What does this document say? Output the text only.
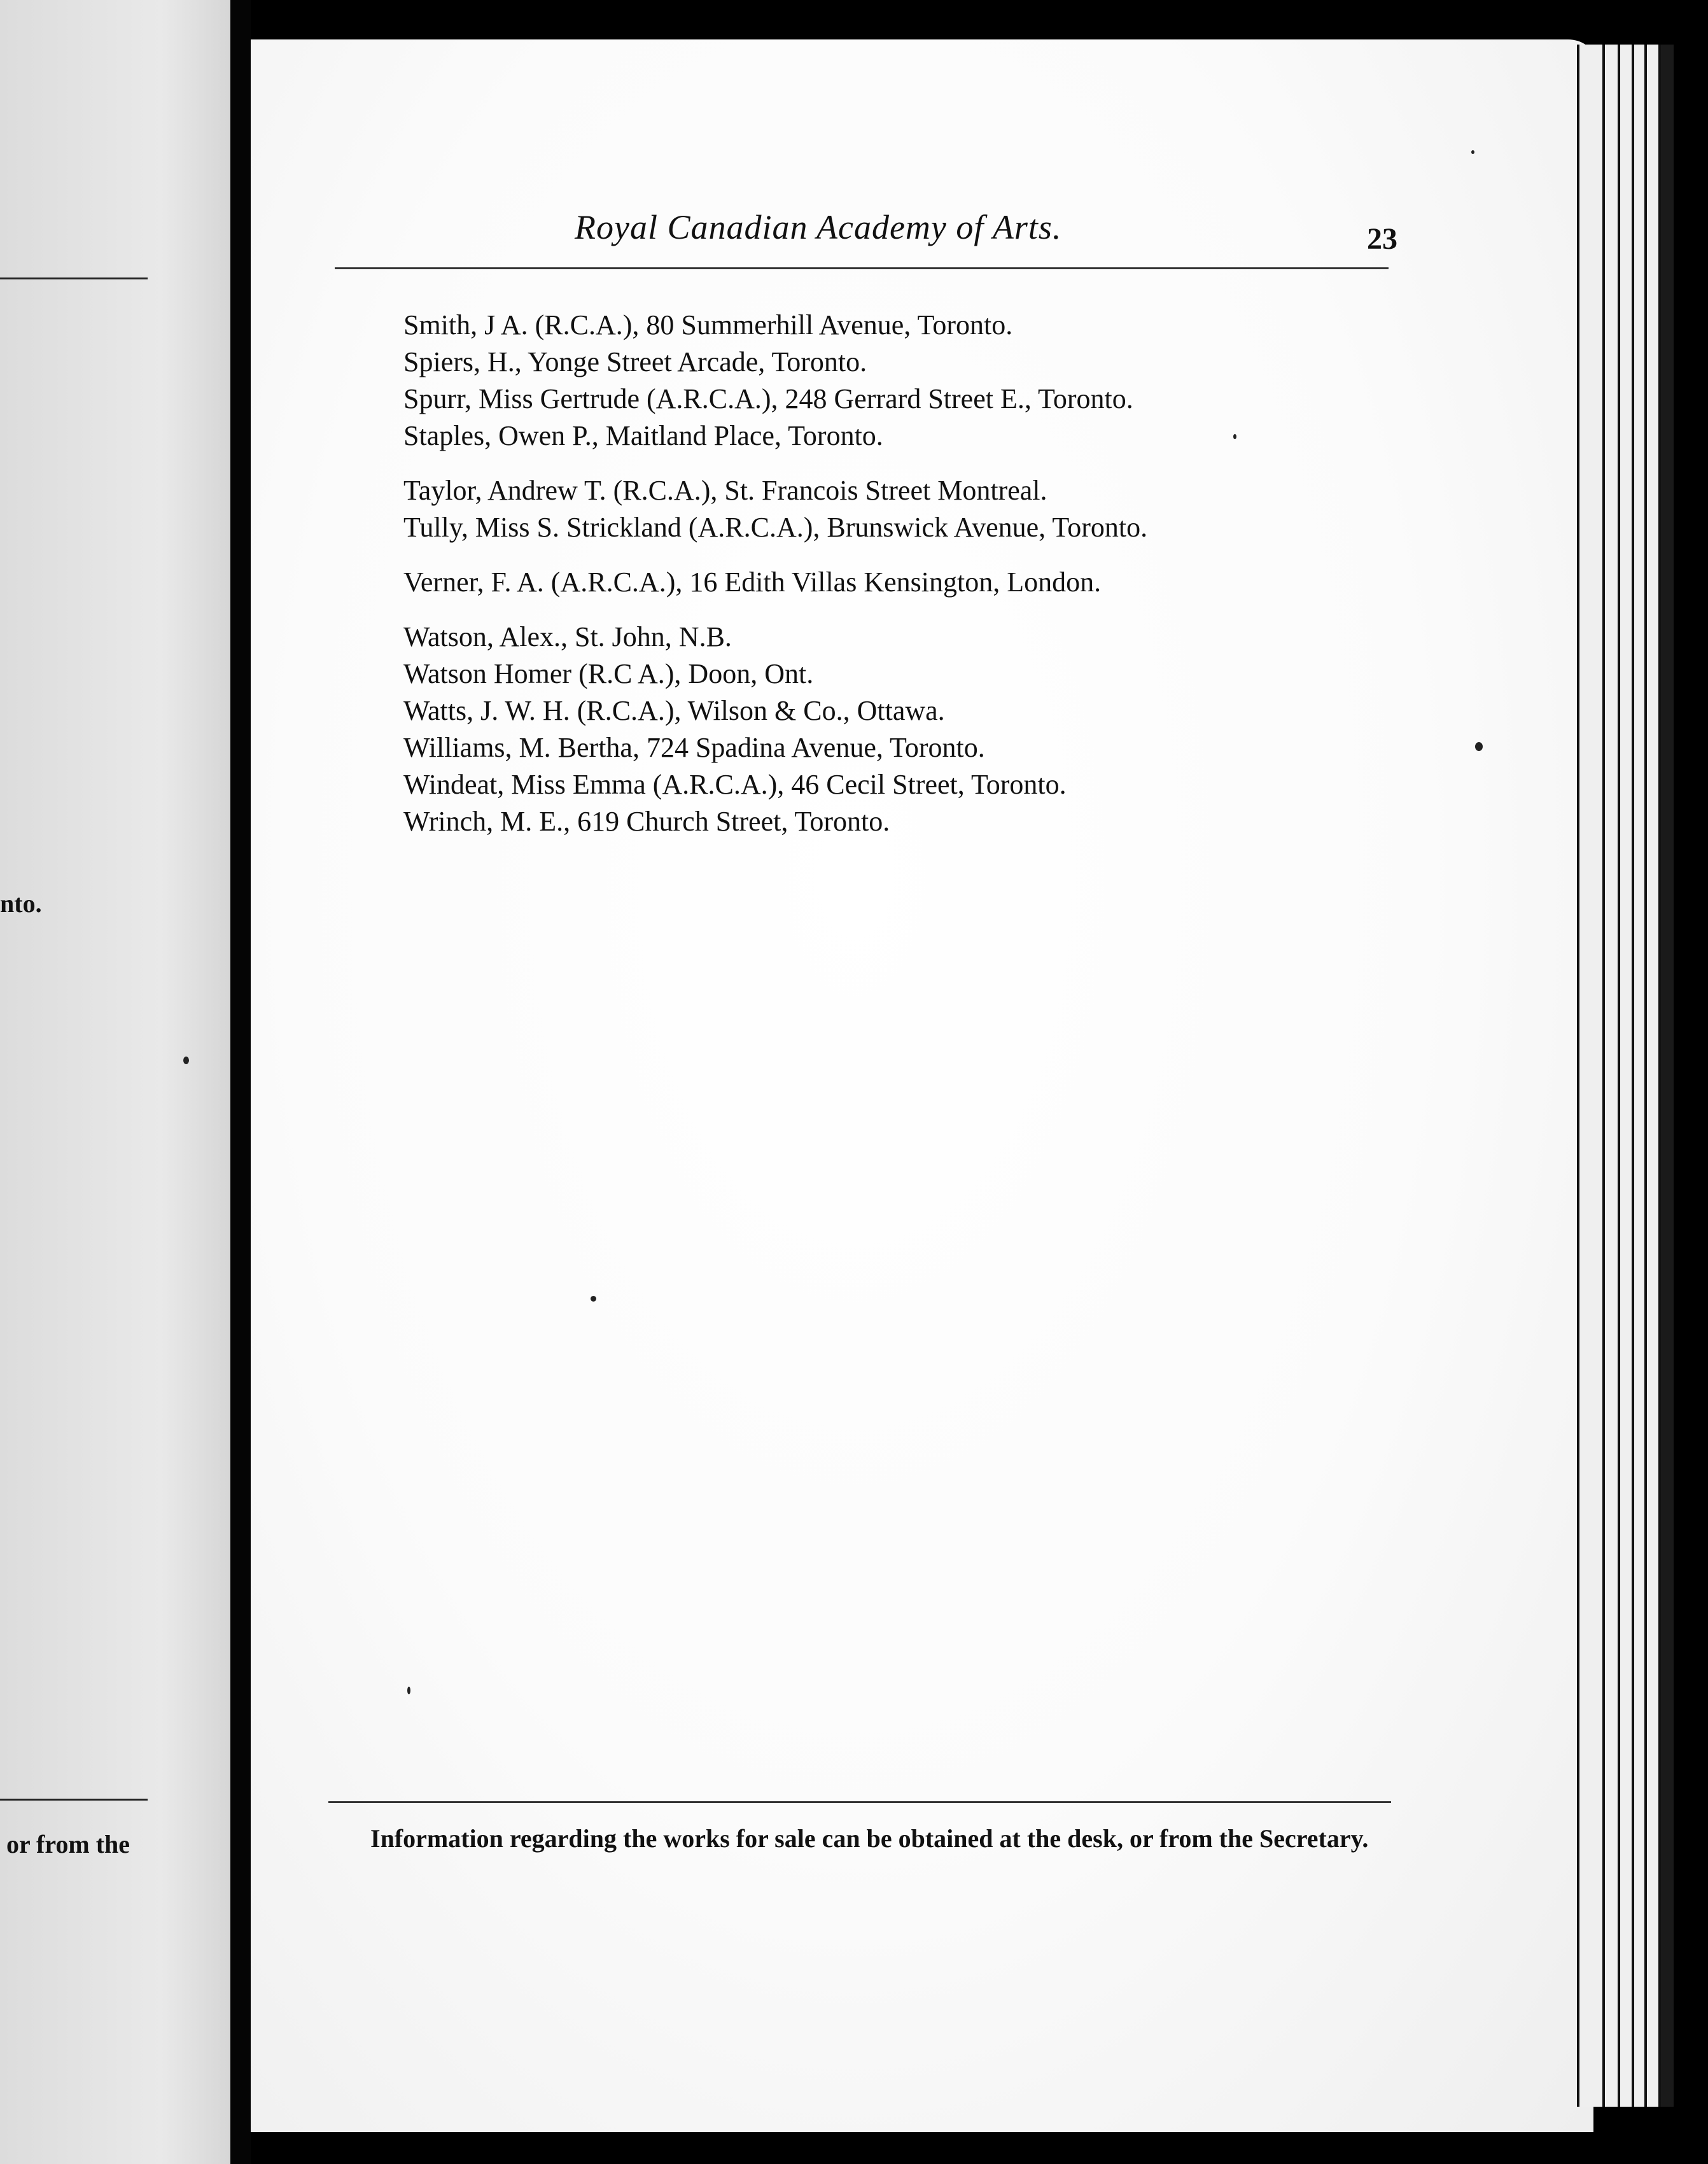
nto.
or from the
Royal Canadian Academy of Arts.	23
Smith, J A. (R.C.A.), 80 Summerhill Avenue, Toronto.
Spiers, H., Yonge Street Arcade, Toronto.
Spurr, Miss Gertrude (A.R.C.A.), 248 Gerrard Street E., Toronto.
Staples, Owen P., Maitland Place, Toronto.
Taylor, Andrew T. (R.C.A.), St. Francois Street Montreal.
Tully, Miss S. Strickland (A.R.C.A.), Brunswick Avenue, Toronto.
Verner, F. A. (A.R.C.A.), 16 Edith Villas Kensington, London.
Watson, Alex., St. John, N.B.
Watson Homer (R.C A.), Doon, Ont.
Watts, J. W. H. (R.C.A.), Wilson & Co., Ottawa.
Williams, M. Bertha, 724 Spadina Avenue, Toronto.
Windeat, Miss Emma (A.R.C.A.), 46 Cecil Street, Toronto.
Wrinch, M. E., 619 Church Street, Toronto.
Information regarding the works for sale can be obtained at the desk, or from the Secretary.
